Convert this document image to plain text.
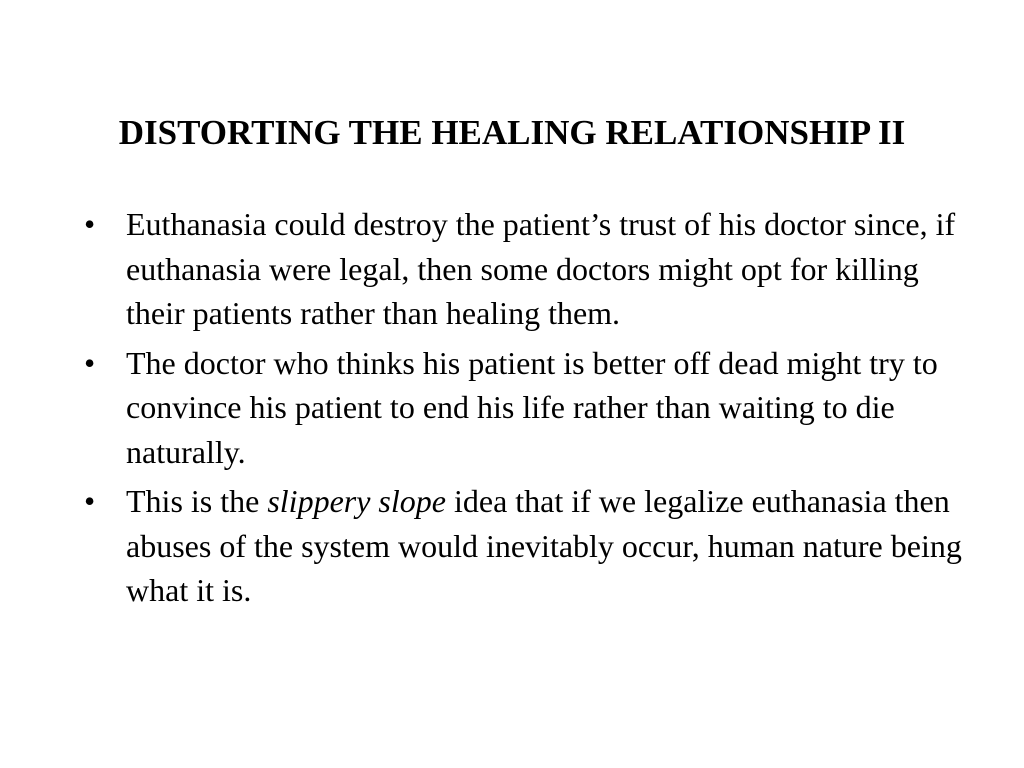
DISTORTING THE HEALING RELATIONSHIP II
• Euthanasia could destroy the patient’s trust of his doctor since, if euthanasia were legal, then some doctors might opt for killing their patients rather than healing them.
• The doctor who thinks his patient is better off dead might try to convince his patient to end his life rather than waiting to die naturally.
• This is the slippery slope idea that if we legalize euthanasia then abuses of the system would inevitably occur, human nature being what it is.
